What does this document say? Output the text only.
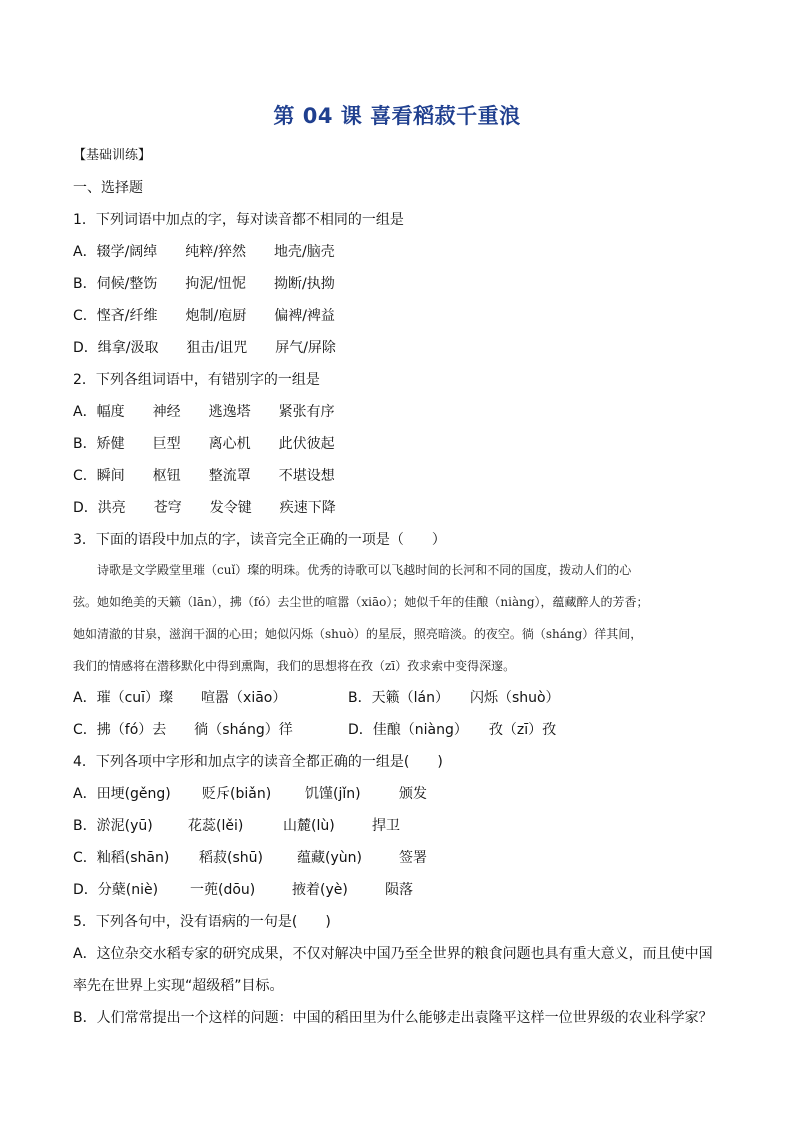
第 04 课 喜看稻菽千重浪
【基础训练】
一、选择题
1．下列词语中加点的字，每对读音都不相同的一组是
A．辍学/阔绰　　纯粹/猝然　　地壳/脑壳
B．伺候/整饬　　拘泥/忸怩　　拗断/执拗
C．悭吝/纤维　　炮制/庖厨　　偏裨/裨益
D．缉拿/汲取　　狙击/诅咒　　屏气/屏除
2．下列各组词语中，有错别字的一组是
A．幅度　　神经　　逃逸塔　　紧张有序
B．矫健　　巨型　　离心机　　此伏彼起
C．瞬间　　枢钮　　整流罩　　不堪设想
D．洪亮　　苍穹　　发令键　　疾速下降
3．下面的语段中加点的字，读音完全正确的一项是（　　）
　　诗歌是文学殿堂里璀（cuǐ）璨的明珠。优秀的诗歌可以飞越时间的长河和不同的国度，拨动人们的心
弦。她如绝美的天籁（lān），拂（fó）去尘世的喧嚣（xiāo）；她似千年的佳酿（niàng），蕴藏醉人的芳香；
她如清澈的甘泉，滋润干涸的心田；她似闪烁（shuò）的星辰，照亮暗淡。的夜空。徜（sháng）徉其间，
我们的情感将在潜移默化中得到熏陶，我们的思想将在孜（zī）孜求索中变得深邃。
A．璀（cuī）璨　　喧嚣（xiāo）	B．天籁（lán）　　闪烁（shuò）
C．拂（fó）去　　徜（sháng）徉	D．佳酿（niàng）　　孜（zī）孜
4．下列各项中字形和加点字的读音全都正确的一组是(　　)
A．田埂(gěng) 贬斥(biǎn) 饥馑(jǐn)	颁发
B．淤泥(yū)	花蕊(lěi)	山麓(lù)	捍卫
C．籼稻(shān) 稻菽(shū) 蕴藏(yùn)	签署
D．分蘖(niè) 一蔸(dōu)	掖着(yè)	陨落
5．下列各句中，没有语病的一句是(　　)
A．这位杂交水稻专家的研究成果，不仅对解决中国乃至全世界的粮食问题也具有重大意义，而且使中国率先在世界上实现“超级稻”目标。
B．人们常常提出一个这样的问题：中国的稻田里为什么能够走出袁隆平这样一位世界级的农业科学家？
